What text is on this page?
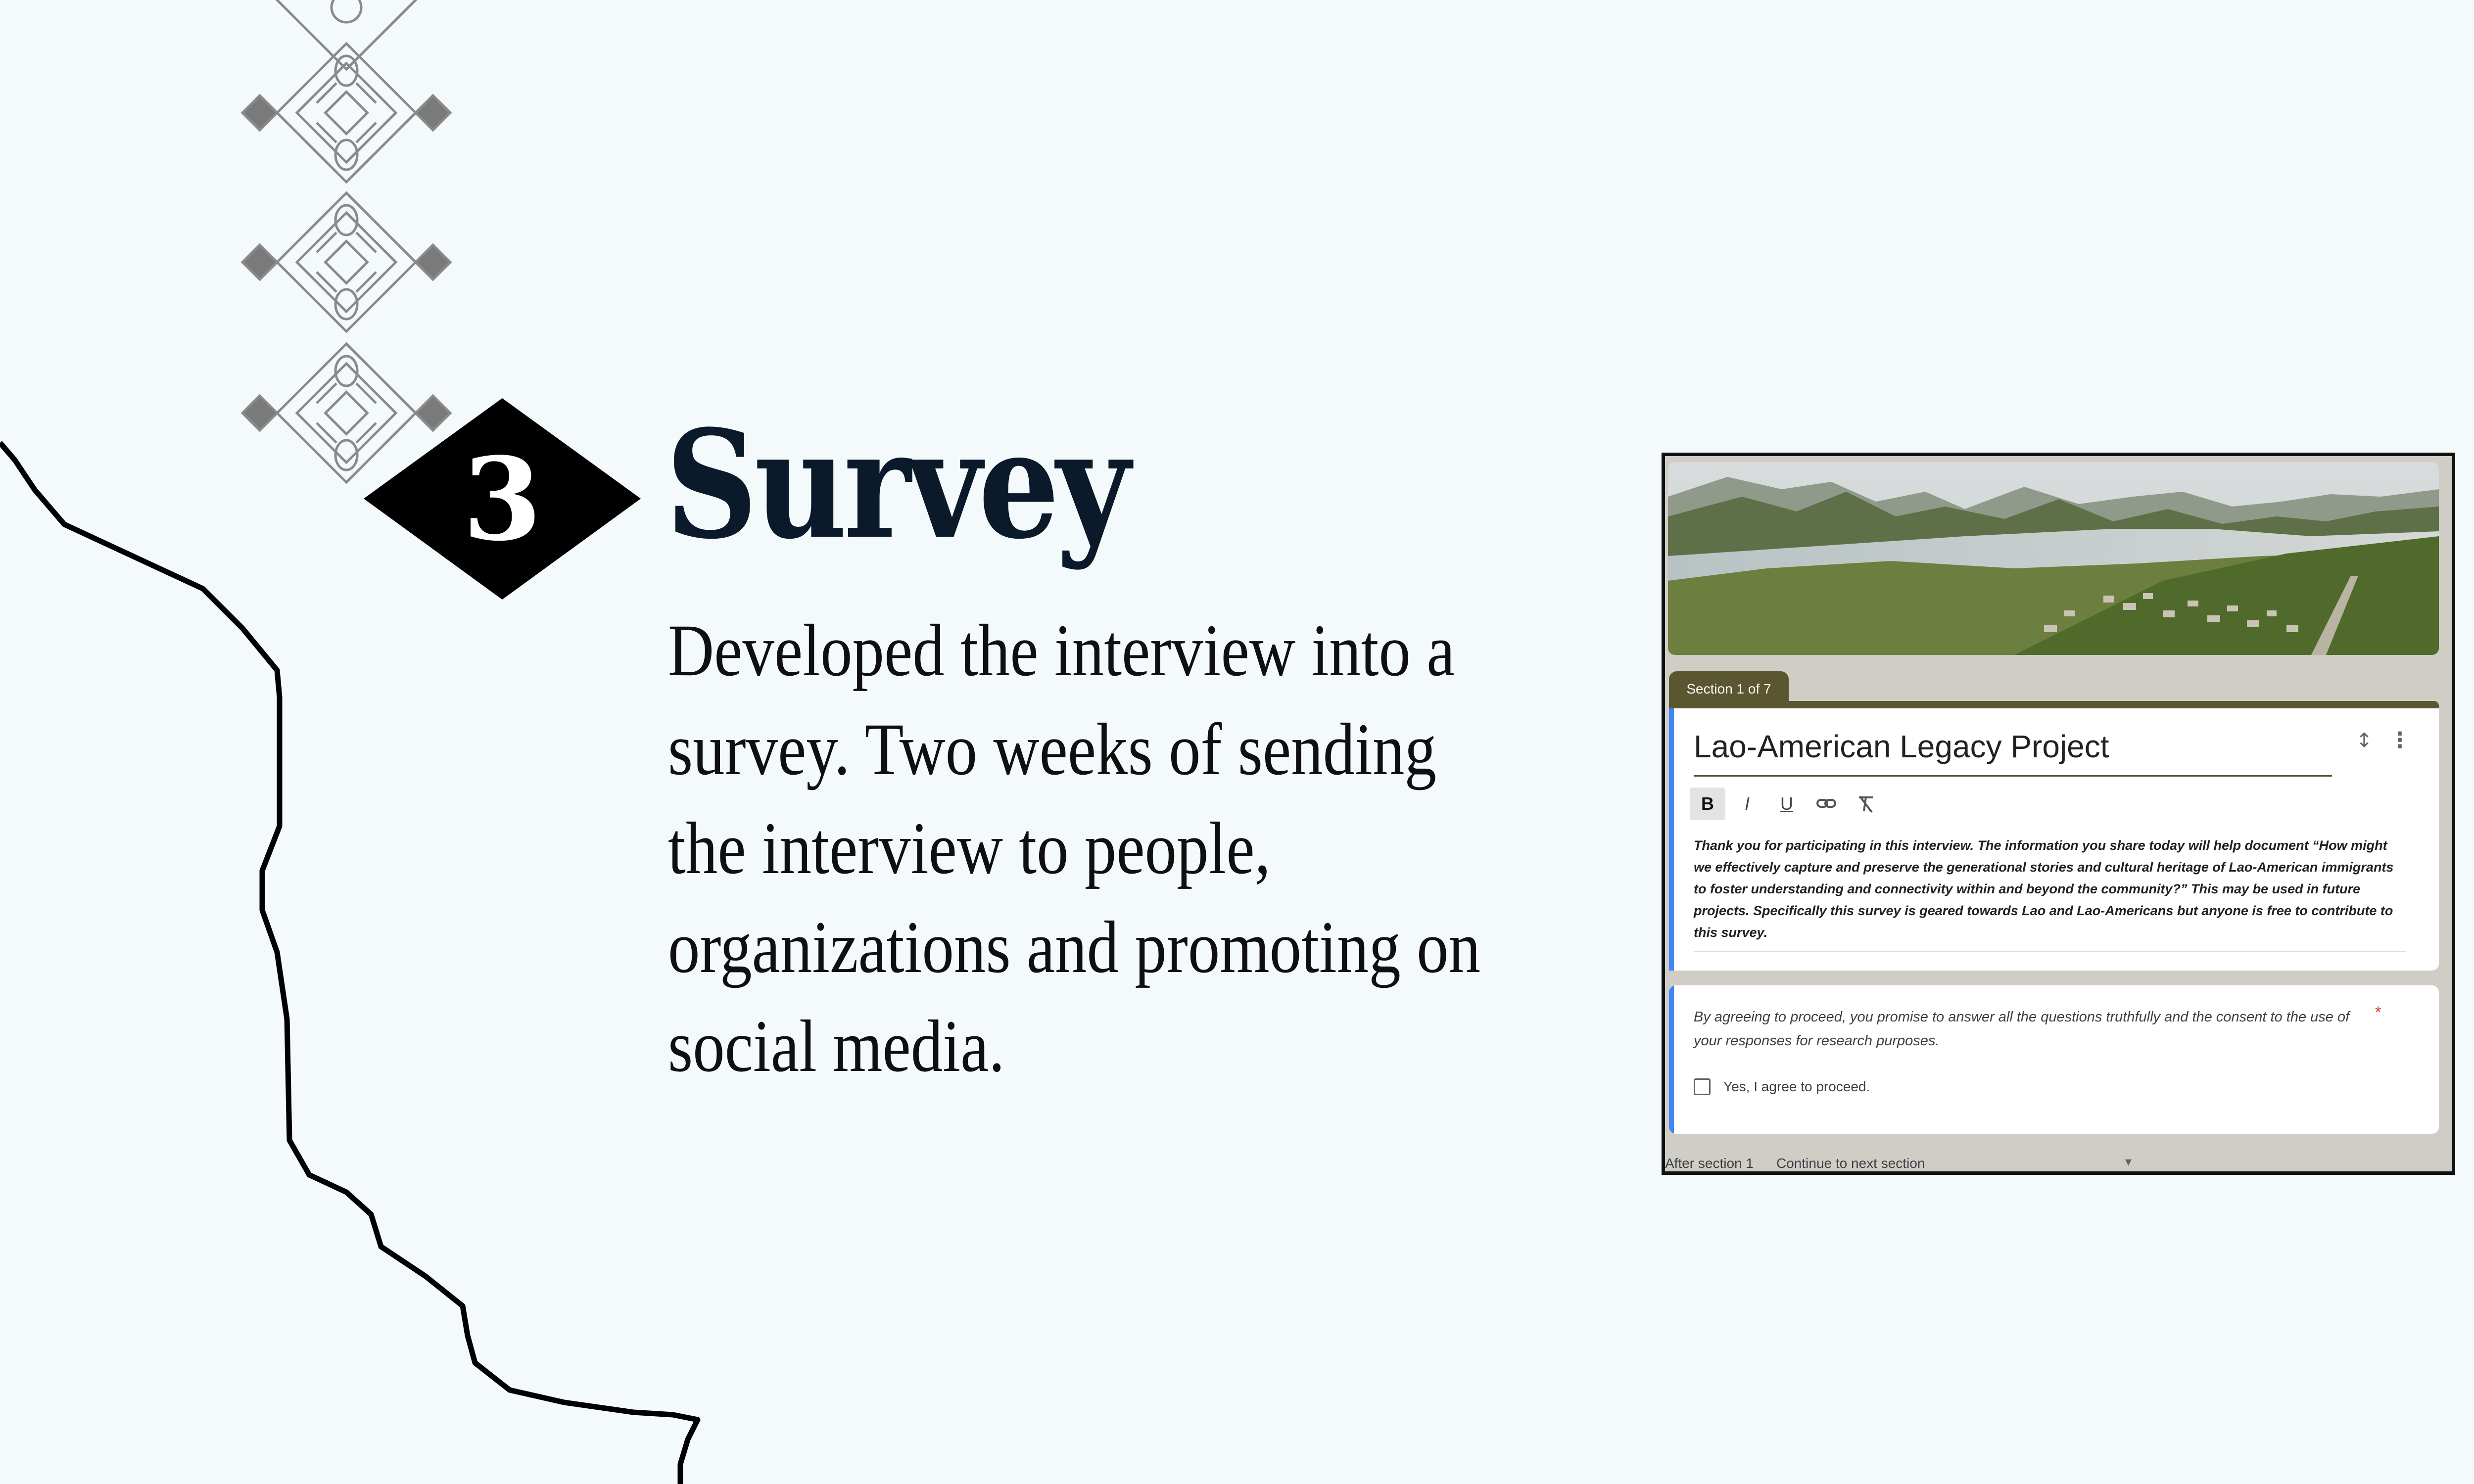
3 Survey
Developed the interview into a survey. Two weeks of sending the interview to people, organizations and promoting on social media.
Section 1 of 7
Lao-American Legacy Project	↕ ⋮
B	I	U
Thank you for participating in this interview. The information you share today will help document “How might we effectively capture and preserve the generational stories and cultural heritage of Lao-American immigrants to foster understanding and connectivity within and beyond the community?” This may be used in future projects. Specifically this survey is geared towards Lao and Lao-Americans but anyone is free to contribute to this survey.
By agreeing to proceed, you promise to answer all the questions truthfully and the consent to the use of your responses for research purposes.
*
Yes, I agree to proceed.
After section 1 Continue to next section	▾
